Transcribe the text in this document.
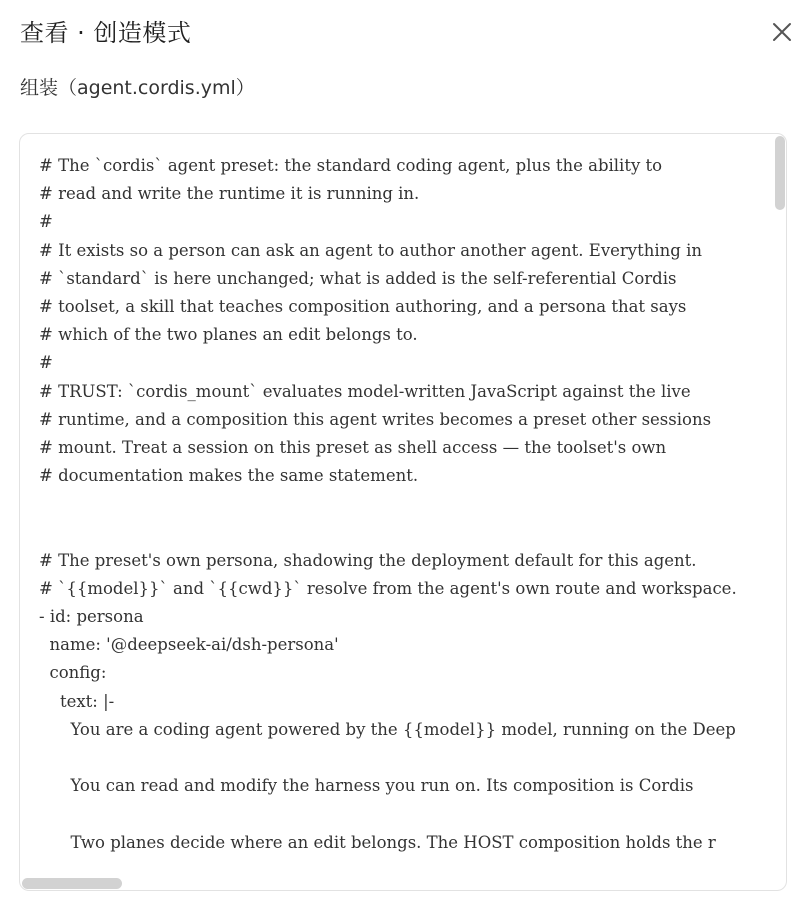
查看 · 创造模式
组装（agent.cordis.yml）
# The `cordis` agent preset: the standard coding agent, plus the ability to
# read and write the runtime it is running in.
#
# It exists so a person can ask an agent to author another agent. Everything in
# `standard` is here unchanged; what is added is the self-referential Cordis
# toolset, a skill that teaches composition authoring, and a persona that says
# which of the two planes an edit belongs to.
#
# TRUST: `cordis_mount` evaluates model-written JavaScript against the live
# runtime, and a composition this agent writes becomes a preset other sessions
# mount. Treat a session on this preset as shell access — the toolset's own
# documentation makes the same statement.
# The preset's own persona, shadowing the deployment default for this agent.
# `{{model}}` and `{{cwd}}` resolve from the agent's own route and workspace.
- id: persona
name: '@deepseek-ai/dsh-persona'
config:
text: |-
You are a coding agent powered by the {{model}} model, running on the Deep
You can read and modify the harness you run on. Its composition is Cordis
Two planes decide where an edit belongs. The HOST composition holds the r
